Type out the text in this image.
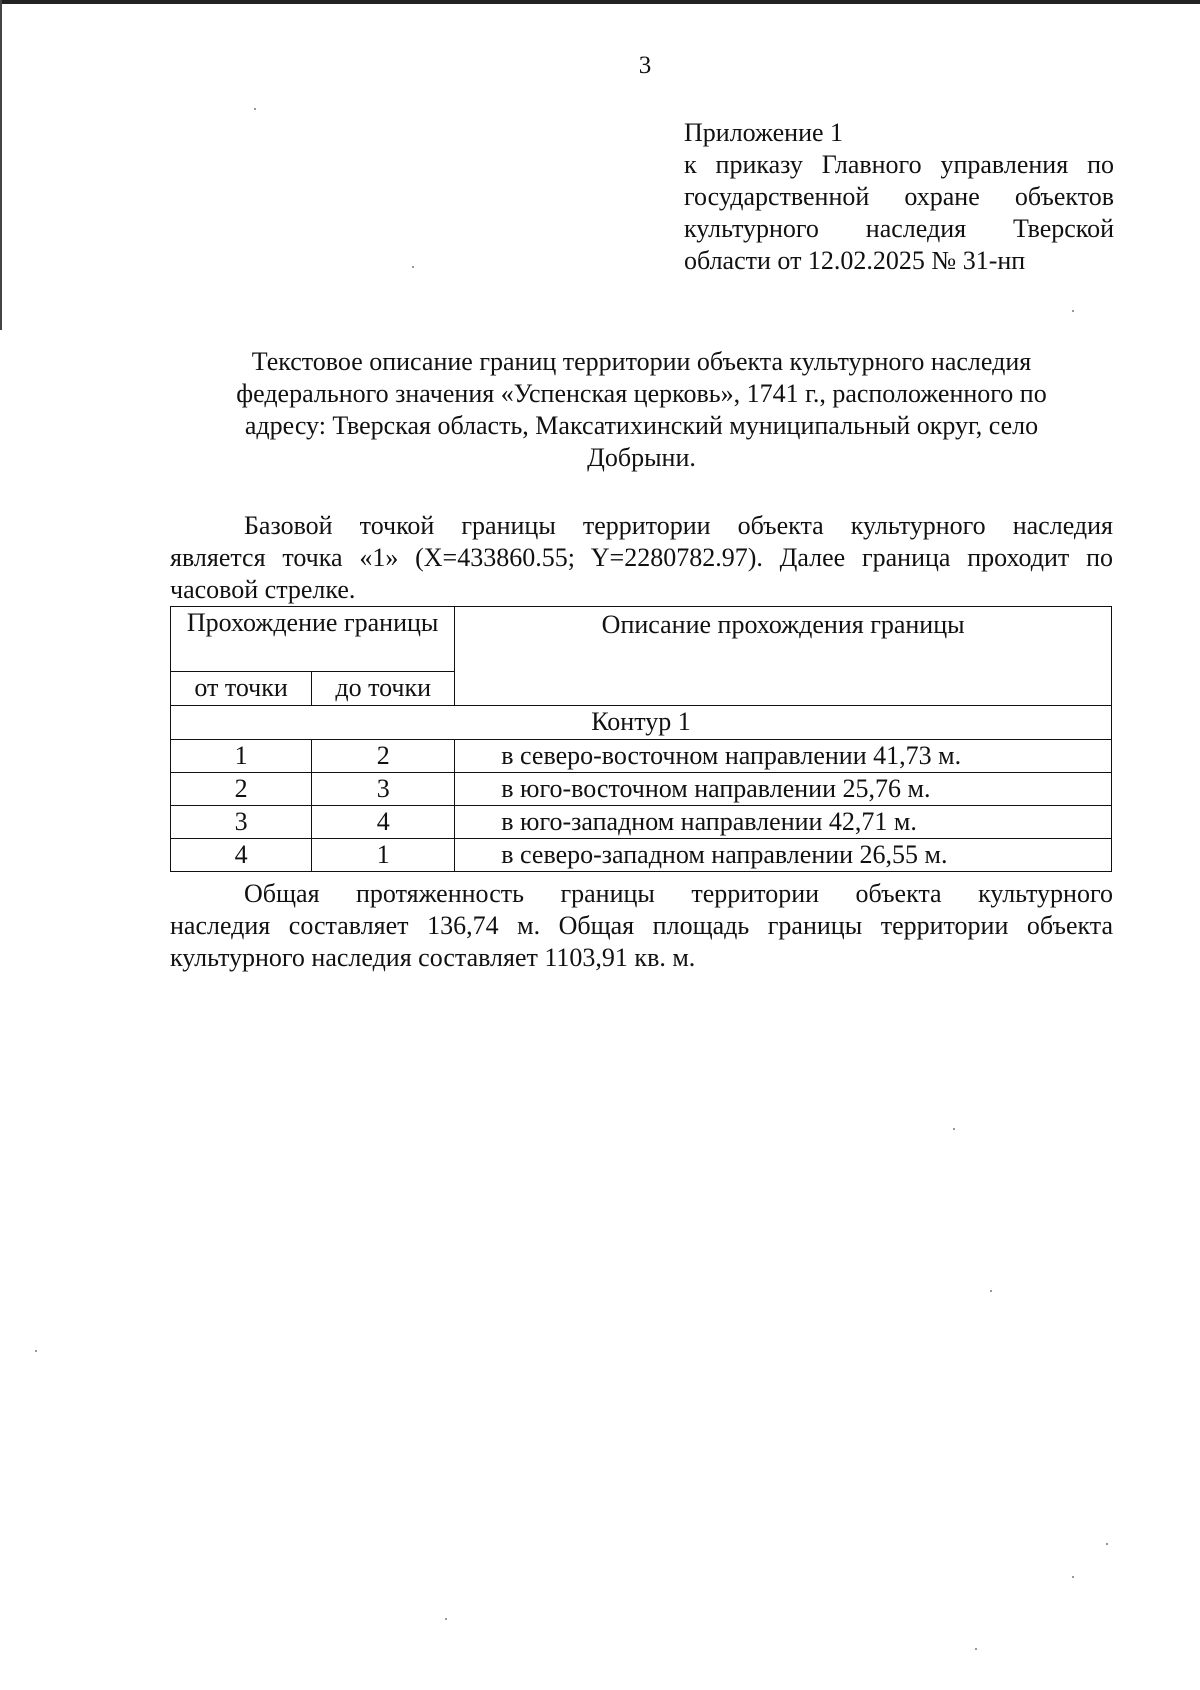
3
Приложение 1
к приказу Главного управления по
государственной охране объектов
культурного наследия Тверской
области от 12.02.2025 № 31-нп
Текстовое описание границ территории объекта культурного наследия
федерального значения «Успенская церковь», 1741 г., расположенного по
адресу: Тверская область, Максатихинский муниципальный округ, село
Добрыни.
Базовой точкой границы территории объекта культурного наследия
является точка «1» (X=433860.55; Y=2280782.97). Далее граница проходит по
часовой стрелке.
Прохождение границы		Описание прохождения границы
от точки	до точки	
Контур 1		
1	2	в северо-восточном направлении 41,73 м.
2	3	в юго-восточном направлении 25,76 м.
3	4	в юго-западном направлении 42,71 м.
4	1	в северо-западном направлении 26,55 м.
Общая протяженность границы территории объекта культурного
наследия составляет 136,74 м. Общая площадь границы территории объекта
культурного наследия составляет 1103,91 кв. м.
